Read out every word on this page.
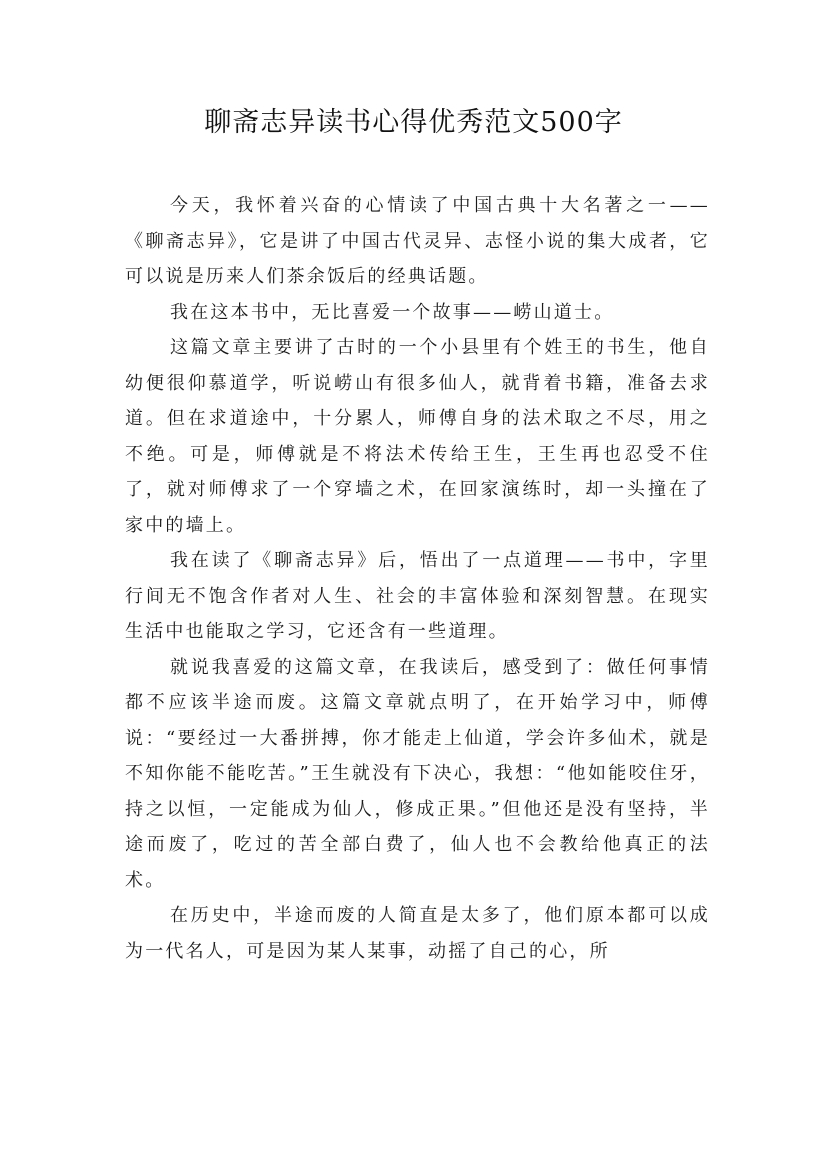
聊斋志异读书心得优秀范文500字

今天，我怀着兴奋的心情读了中国古典十大名著之一——《聊斋志异》，它是讲了中国古代灵异、志怪小说的集大成者，它可以说是历来人们茶余饭后的经典话题。

我在这本书中，无比喜爱一个故事——崂山道士。

这篇文章主要讲了古时的一个小县里有个姓王的书生，他自幼便很仰慕道学，听说崂山有很多仙人，就背着书籍，准备去求道。但在求道途中，十分累人，师傅自身的法术取之不尽，用之不绝。可是，师傅就是不将法术传给王生，王生再也忍受不住了，就对师傅求了一个穿墙之术，在回家演练时，却一头撞在了家中的墙上。

我在读了《聊斋志异》后，悟出了一点道理——书中，字里行间无不饱含作者对人生、社会的丰富体验和深刻智慧。在现实生活中也能取之学习，它还含有一些道理。

就说我喜爱的这篇文章，在我读后，感受到了：做任何事情都不应该半途而废。这篇文章就点明了，在开始学习中，师傅说：“要经过一大番拼搏，你才能走上仙道，学会许多仙术，就是不知你能不能吃苦。”王生就没有下决心，我想：“他如能咬住牙，持之以恒，一定能成为仙人，修成正果。”但他还是没有坚持，半途而废了，吃过的苦全部白费了，仙人也不会教给他真正的法术。

在历史中，半途而废的人简直是太多了，他们原本都可以成为一代名人，可是因为某人某事，动摇了自己的心，所
